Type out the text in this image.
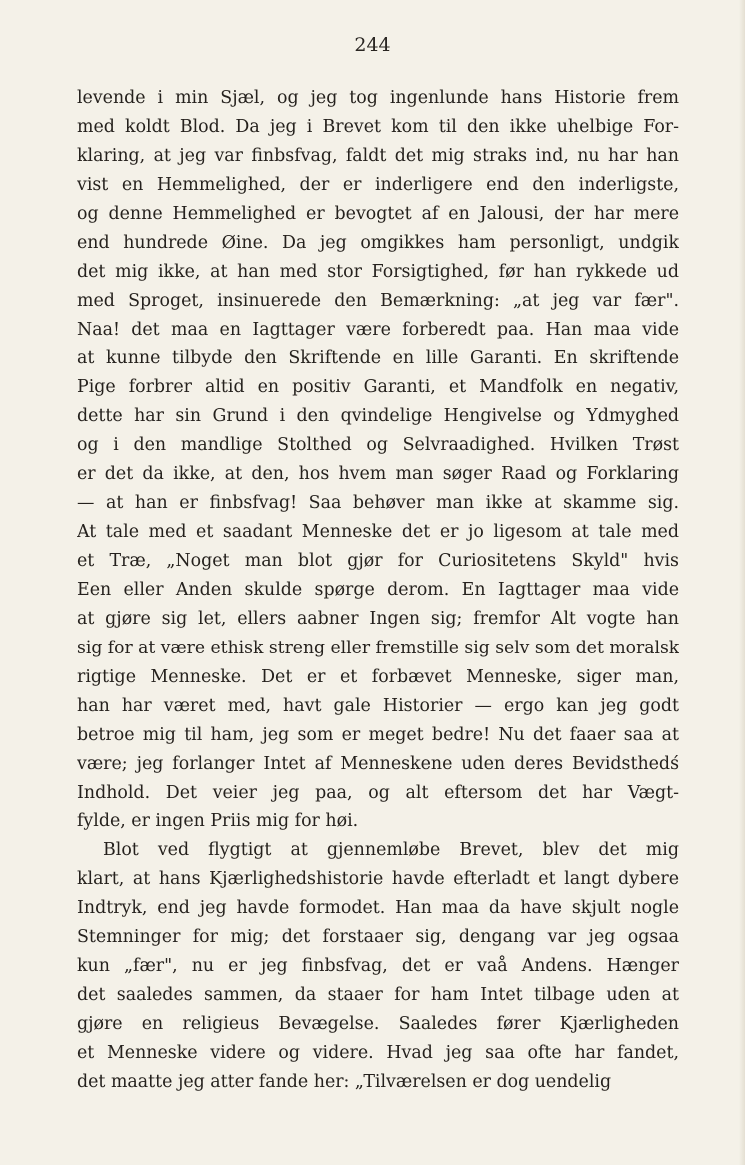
244
levende i min Sjæl, og jeg tog ingenlunde hans Historie frem
med koldt Blod. Da jeg i Brevet kom til den ikke uhelbige For-
klaring, at jeg var finbsfvag, faldt det mig straks ind, nu har han
vist en Hemmelighed, der er inderligere end den inderligste,
og denne Hemmelighed er bevogtet af en Jalousi, der har mere
end hundrede Øine. Da jeg omgikkes ham personligt, undgik
det mig ikke, at han med stor Forsigtighed, før han rykkede ud
med Sproget, insinuerede den Bemærkning: „at jeg var fær".
Naa! det maa en Iagttager være forberedt paa. Han maa vide
at kunne tilbyde den Skriftende en lille Garanti. En skriftende
Pige forbrer altid en positiv Garanti, et Mandfolk en negativ,
dette har sin Grund i den qvindelige Hengivelse og Ydmyghed
og i den mandlige Stolthed og Selvraadighed. Hvilken Trøst
er det da ikke, at den, hos hvem man søger Raad og Forklaring
— at han er finbsfvag! Saa behøver man ikke at skamme sig.
At tale med et saadant Menneske det er jo ligesom at tale med
et Træ, „Noget man blot gjør for Curiositetens Skyld" hvis
Een eller Anden skulde spørge derom. En Iagttager maa vide
at gjøre sig let, ellers aabner Ingen sig; fremfor Alt vogte han
sig for at være ethisk streng eller fremstille sig selv som det moralsk
rigtige Menneske. Det er et forbævet Menneske, siger man,
han har været med, havt gale Historier — ergo kan jeg godt
betroe mig til ham, jeg som er meget bedre! Nu det faaer saa at
være; jeg forlanger Intet af Menneskene uden deres Bevidsthedś
Indhold. Det veier jeg paa, og alt eftersom det har Vægt-
fylde, er ingen Priis mig for høi.
Blot ved flygtigt at gjennemløbe Brevet, blev det mig
klart, at hans Kjærlighedshistorie havde efterladt et langt dybere
Indtryk, end jeg havde formodet. Han maa da have skjult nogle
Stemninger for mig; det forstaaer sig, dengang var jeg ogsaa
kun „fær", nu er jeg finbsfvag, det er vaå Andens. Hænger
det saaledes sammen, da staaer for ham Intet tilbage uden at
gjøre en religieus Bevægelse. Saaledes fører Kjærligheden
et Menneske videre og videre. Hvad jeg saa ofte har fandet,
det maatte jeg atter fande her: „Tilværelsen er dog uendelig
